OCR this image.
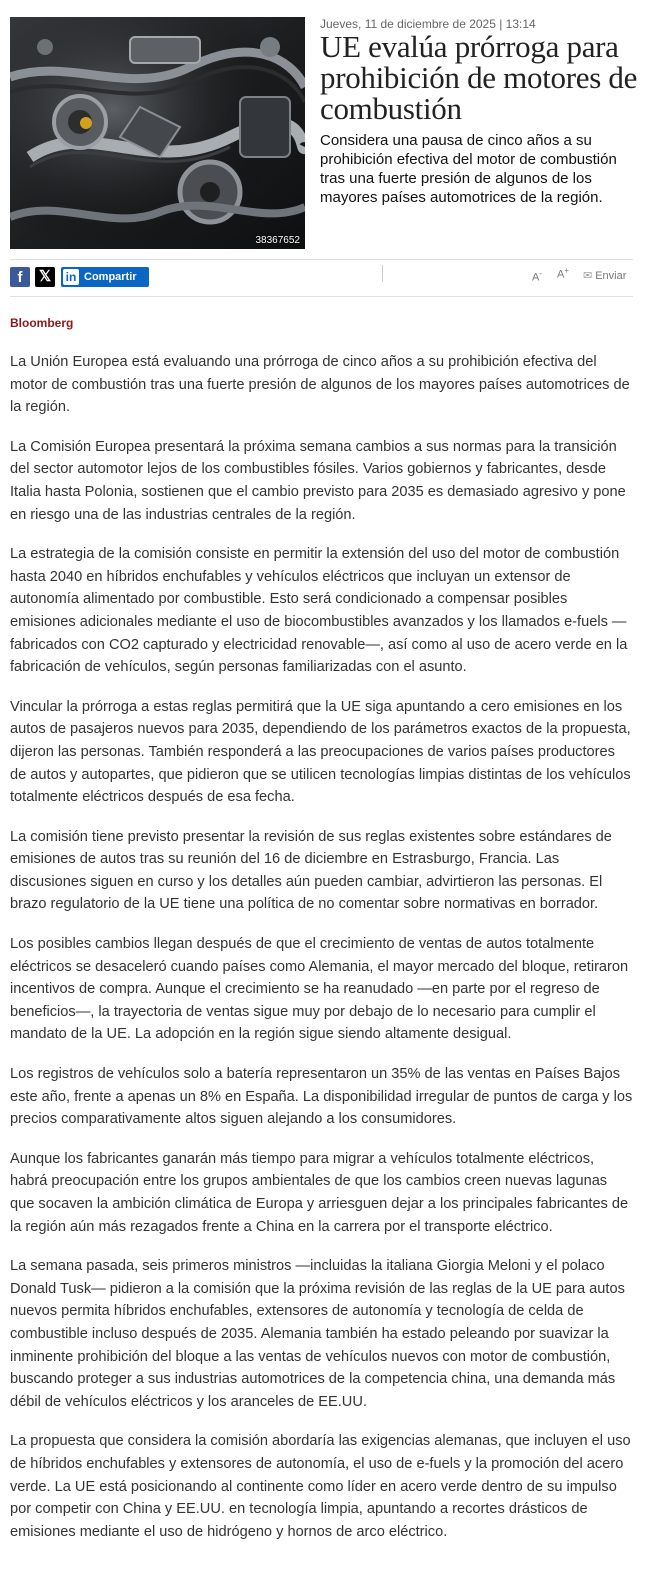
38367652
Jueves, 11 de diciembre de 2025 | 13:14
UE evalúa prórroga para prohibición de motores de combustión

Considera una pausa de cinco años a su prohibición efectiva del motor de combustión tras una fuerte presión de algunos de los mayores países automotrices de la región.

f	𝕏	in Compartir	A- A+ ✉ Enviar
Bloomberg

La Unión Europea está evaluando una prórroga de cinco años a su prohibición efectiva del motor de combustión tras una fuerte presión de algunos de los mayores países automotrices de la región.

La Comisión Europea presentará la próxima semana cambios a sus normas para la transición del sector automotor lejos de los combustibles fósiles. Varios gobiernos y fabricantes, desde Italia hasta Polonia, sostienen que el cambio previsto para 2035 es demasiado agresivo y pone en riesgo una de las industrias centrales de la región.

La estrategia de la comisión consiste en permitir la extensión del uso del motor de combustión hasta 2040 en híbridos enchufables y vehículos eléctricos que incluyan un extensor de autonomía alimentado por combustible. Esto será condicionado a compensar posibles emisiones adicionales mediante el uso de biocombustibles avanzados y los llamados e-fuels —fabricados con CO2 capturado y electricidad renovable—, así como al uso de acero verde en la fabricación de vehículos, según personas familiarizadas con el asunto.

Vincular la prórroga a estas reglas permitirá que la UE siga apuntando a cero emisiones en los autos de pasajeros nuevos para 2035, dependiendo de los parámetros exactos de la propuesta, dijeron las personas. También responderá a las preocupaciones de varios países productores de autos y autopartes, que pidieron que se utilicen tecnologías limpias distintas de los vehículos totalmente eléctricos después de esa fecha.

La comisión tiene previsto presentar la revisión de sus reglas existentes sobre estándares de emisiones de autos tras su reunión del 16 de diciembre en Estrasburgo, Francia. Las discusiones siguen en curso y los detalles aún pueden cambiar, advirtieron las personas. El brazo regulatorio de la UE tiene una política de no comentar sobre normativas en borrador.

Los posibles cambios llegan después de que el crecimiento de ventas de autos totalmente eléctricos se desaceleró cuando países como Alemania, el mayor mercado del bloque, retiraron incentivos de compra. Aunque el crecimiento se ha reanudado —en parte por el regreso de beneficios—, la trayectoria de ventas sigue muy por debajo de lo necesario para cumplir el mandato de la UE. La adopción en la región sigue siendo altamente desigual.

Los registros de vehículos solo a batería representaron un 35% de las ventas en Países Bajos este año, frente a apenas un 8% en España. La disponibilidad irregular de puntos de carga y los precios comparativamente altos siguen alejando a los consumidores.

Aunque los fabricantes ganarán más tiempo para migrar a vehículos totalmente eléctricos, habrá preocupación entre los grupos ambientales de que los cambios creen nuevas lagunas que socaven la ambición climática de Europa y arriesguen dejar a los principales fabricantes de la región aún más rezagados frente a China en la carrera por el transporte eléctrico.

La semana pasada, seis primeros ministros —incluidas la italiana Giorgia Meloni y el polaco Donald Tusk— pidieron a la comisión que la próxima revisión de las reglas de la UE para autos nuevos permita híbridos enchufables, extensores de autonomía y tecnología de celda de combustible incluso después de 2035. Alemania también ha estado peleando por suavizar la inminente prohibición del bloque a las ventas de vehículos nuevos con motor de combustión, buscando proteger a sus industrias automotrices de la competencia china, una demanda más débil de vehículos eléctricos y los aranceles de EE.UU.

La propuesta que considera la comisión abordaría las exigencias alemanas, que incluyen el uso de híbridos enchufables y extensores de autonomía, el uso de e-fuels y la promoción del acero verde. La UE está posicionando al continente como líder en acero verde dentro de su impulso por competir con China y EE.UU. en tecnología limpia, apuntando a recortes drásticos de emisiones mediante el uso de hidrógeno y hornos de arco eléctrico.
